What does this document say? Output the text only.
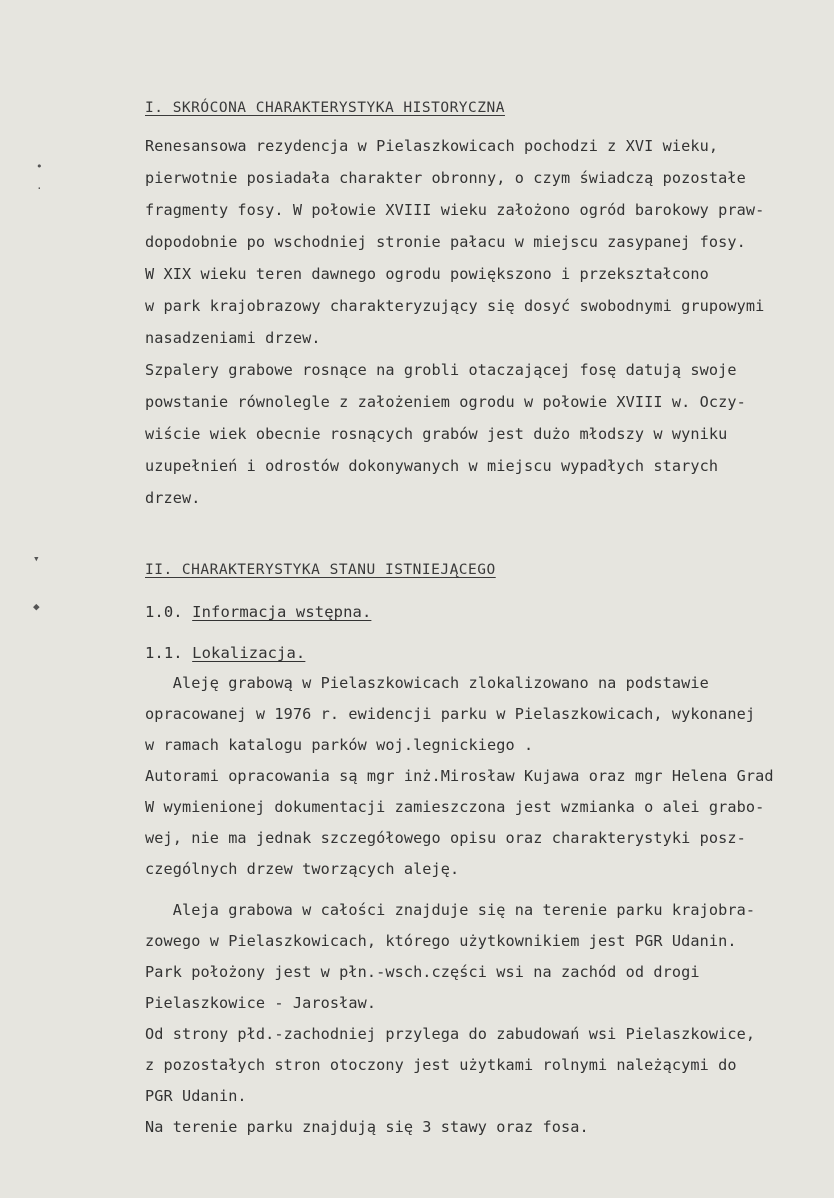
•
·
▾
◆
I. SKRÓCONA CHARAKTERYSTYKA HISTORYCZNA
Renesansowa rezydencja w Pielaszkowicach pochodzi z XVI wieku,
pierwotnie posiadała charakter obronny, o czym świadczą pozostałe
fragmenty fosy. W połowie XVIII wieku założono ogród barokowy praw-
dopodobnie po wschodniej stronie pałacu w miejscu zasypanej fosy.
W XIX wieku teren dawnego ogrodu powiększono i przekształcono
w park krajobrazowy charakteryzujący się dosyć swobodnymi grupowymi
nasadzeniami drzew.
Szpalery grabowe rosnące na grobli otaczającej fosę datują swoje
powstanie równolegle z założeniem ogrodu w połowie XVIII w. Oczy-
wiście wiek obecnie rosnących grabów jest dużo młodszy w wyniku
uzupełnień i odrostów dokonywanych w miejscu wypadłych starych
drzew.
II. CHARAKTERYSTYKA STANU ISTNIEJĄCEGO
1.0. Informacja wstępna.
1.1. Lokalizacja.
Aleję grabową w Pielaszkowicach zlokalizowano na podstawie
opracowanej w 1976 r. ewidencji parku w Pielaszkowicach, wykonanej
w ramach katalogu parków woj.legnickiego .
Autorami opracowania są mgr inż.Mirosław Kujawa oraz mgr Helena Grad
W wymienionej dokumentacji zamieszczona jest wzmianka o alei grabo-
wej, nie ma jednak szczegółowego opisu oraz charakterystyki posz-
czególnych drzew tworzących aleję.
Aleja grabowa w całości znajduje się na terenie parku krajobra-
zowego w Pielaszkowicach, którego użytkownikiem jest PGR Udanin.
Park położony jest w płn.-wsch.części wsi na zachód od drogi
Pielaszkowice - Jarosław.
Od strony płd.-zachodniej przylega do zabudowań wsi Pielaszkowice,
z pozostałych stron otoczony jest użytkami rolnymi należącymi do
PGR Udanin.
Na terenie parku znajdują się 3 stawy oraz fosa.
